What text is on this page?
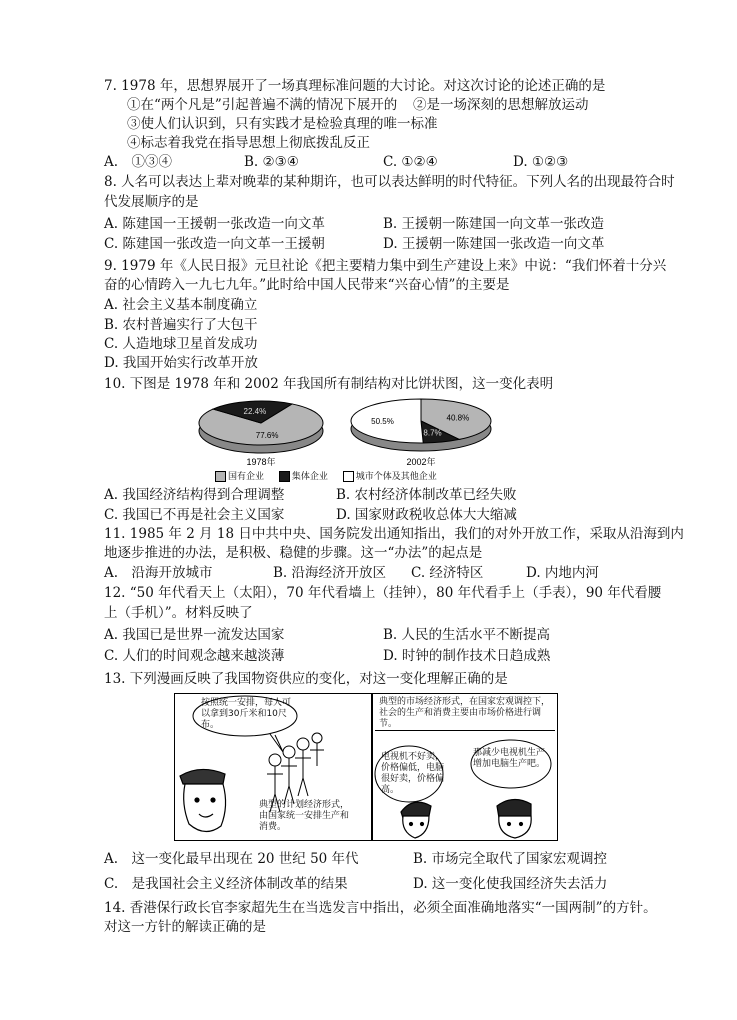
7. 1978 年，思想界展开了一场真理标准问题的大讨论。对这次讨论的论述正确的是
①在“两个凡是”引起普遍不满的情况下展开的 ②是一场深刻的思想解放运动
③使人们认识到，只有实践才是检验真理的唯一标准
④标志着我党在指导思想上彻底拨乱反正
A.　①③④	B. ②③④	C. ①②④	D. ①②③
8. 人名可以表达上辈对晚辈的某种期许，也可以表达鲜明的时代特征。下列人名的出现最符合时
代发展顺序的是
A. 陈建国一王援朝一张改造一向文革	B. 王援朝一陈建国一向文革一张改造
C. 陈建国一张改造一向文革一王援朝	D. 王援朝一陈建国一张改造一向文革
9. 1979 年《人民日报》元旦社论《把主要精力集中到生产建设上来》中说：“我们怀着十分兴
奋的心情跨入一九七九年。”此时给中国人民带来“兴奋心情”的主要是
A. 社会主义基本制度确立
B. 农村普遍实行了大包干
C. 人造地球卫星首发成功
D. 我国开始实行改革开放
10. 下图是 1978 年和 2002 年我国所有制结构对比饼状图，这一变化表明
77.6%
22.4%
40.8%
8.7%
50.5%
1978年	2002年
国有企业	集体企业	城市个体及其他企业
A. 我国经济结构得到合理调整	B. 农村经济体制改革已经失败
C. 我国已不再是社会主义国家	D. 国家财政税收总体大大缩减
11. 1985 年 2 月 18 日中共中央、国务院发出通知指出，我们的对外开放工作，采取从沿海到内
地逐步推进的办法，是积极、稳健的步骤。这一“办法”的起点是
A.　沿海开放城市	B. 沿海经济开放区 C. 经济特区	D. 内地内河
12. “50 年代看天上（太阳），70 年代看墙上（挂钟），80 年代看手上（手表），90 年代看腰
上（手机）”。材料反映了
A. 我国已是世界一流发达国家	B. 人民的生活水平不断提高
C. 人们的时间观念越来越淡薄	D. 时钟的制作技术日趋成熟
13. 下列漫画反映了我国物资供应的变化，对这一变化理解正确的是
按照统一安排，每人可以拿到30斤米和10尺布。
典型的计划经济形式，由国家统一安排生产和消费。
典型的市场经济形式，在国家宏观调控下，社会的生产和消费主要由市场价格进行调节。
电视机不好卖，价格偏低，电脑很好卖，价格偏高。
那减少电视机生产增加电脑生产吧。
A.　这一变化最早出现在 20 世纪 50 年代	B. 市场完全取代了国家宏观调控
C.　是我国社会主义经济体制改革的结果	D. 这一变化使我国经济失去活力
14. 香港保行政长官李家超先生在当选发言中指出，必须全面准确地落实“一国两制”的方针。
对这一方针的解读正确的是
